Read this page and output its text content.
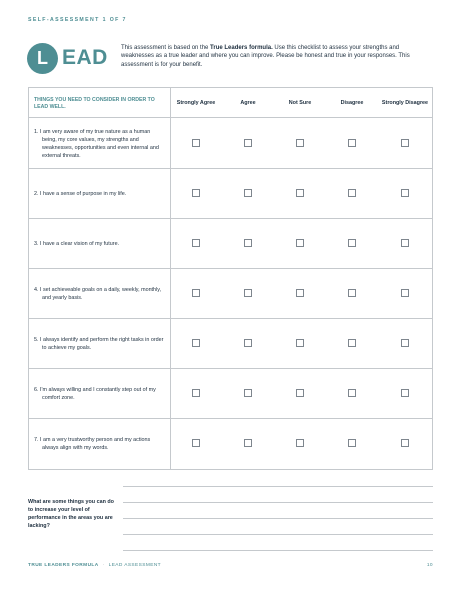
SELF-ASSESSMENT 1 OF 7
L EAD This assessment is based on the True Leaders formula. Use this checklist to assess your strengths and weaknesses as a true leader and where you can improve. Please be honest and true in your responses. This assessment is for your benefit.
THINGS YOU NEED TO CONSIDER IN ORDER TO LEAD WELL.
Strongly Agree	Agree	Not Sure	Disagree	Strongly Disagree
1. I am very aware of my true nature as a human being, my core values, my strengths and weaknesses, opportunities and even internal and external threats.
2. I have a sense of purpose in my life.
3. I have a clear vision of my future.
4. I set achieveable goals on a daily, weekly, monthly, and yearly basis.
5. I always identify and perform the right tasks in order to achieve my goals.
6. I'm always willing and I constantly step out of my comfort zone.
7. I am a very trustworthy person and my actions always align with my words.
What are some things you can do to increase your level of performance in the areas you are lacking?
TRUE LEADERS FORMULA · LEAD ASSESSMENT	10
